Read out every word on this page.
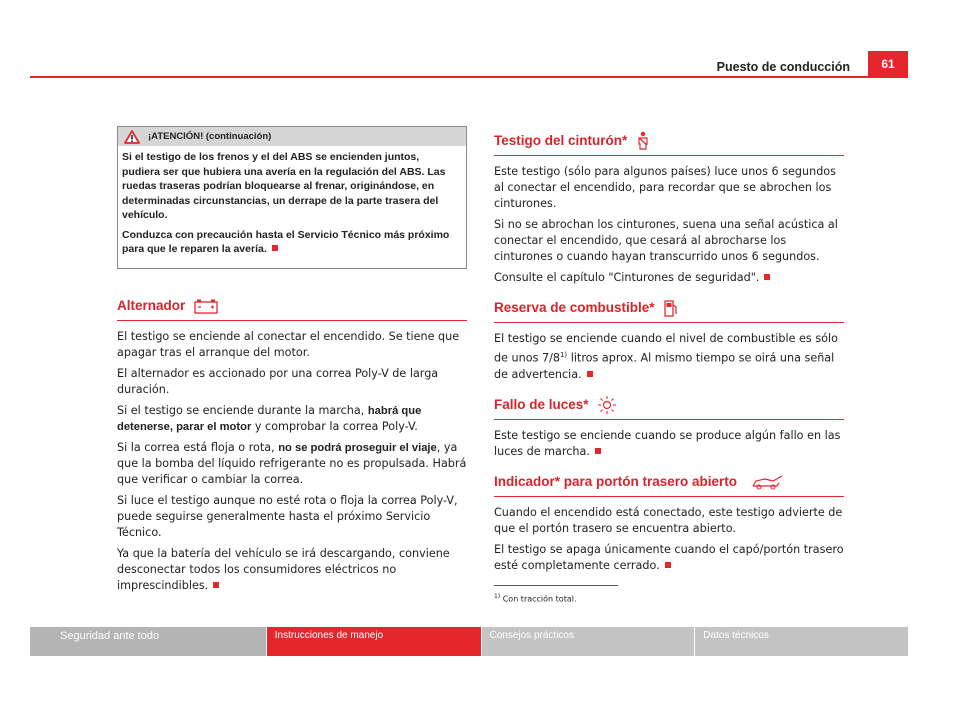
Puesto de conducción	61
¡ATENCIÓN! (continuación)

Si el testigo de los frenos y el del ABS se encienden juntos, pudiera ser que hubiera una avería en la regulación del ABS. Las ruedas traseras podrían bloquearse al frenar, originándose, en determinadas circunstancias, un derrape de la parte trasera del vehículo.

Conduzca con precaución hasta el Servicio Técnico más próximo para que le reparen la avería.

Alternador

El testigo se enciende al conectar el encendido. Se tiene que apagar tras el arranque del motor.

El alternador es accionado por una correa Poly-V de larga duración.

Si el testigo se enciende durante la marcha, habrá que detenerse, parar el motor y comprobar la correa Poly-V.

Si la correa está floja o rota, no se podrá proseguir el viaje, ya que la bomba del líquido refrigerante no es propulsada. Habrá que verificar o cambiar la correa.

Si luce el testigo aunque no esté rota o floja la correa Poly-V, puede seguirse generalmente hasta el próximo Servicio Técnico.

Ya que la batería del vehículo se irá descargando, conviene desconectar todos los consumidores eléctricos no imprescindibles.

Testigo del cinturón*

Este testigo (sólo para algunos países) luce unos 6 segundos al conectar el encendido, para recordar que se abrochen los cinturones.

Si no se abrochan los cinturones, suena una señal acústica al conectar el encendido, que cesará al abrocharse los cinturones o cuando hayan transcurrido unos 6 segundos.

Consulte el capítulo "Cinturones de seguridad".

Reserva de combustible*

El testigo se enciende cuando el nivel de combustible es sólo de unos 7/8$^{1)}$ litros aprox. Al mismo tiempo se oirá una señal de advertencia.

Fallo de luces*

Este testigo se enciende cuando se produce algún fallo en las luces de marcha.

Indicador* para portón trasero abierto

Cuando el encendido está conectado, este testigo advierte de que el portón trasero se encuentra abierto.

El testigo se apaga únicamente cuando el capó/portón trasero esté completamente cerrado.

$^{1)}$ Con tracción total.
Seguridad ante todo	Instrucciones de manejo	Consejos prácticos	Datos técnicos
